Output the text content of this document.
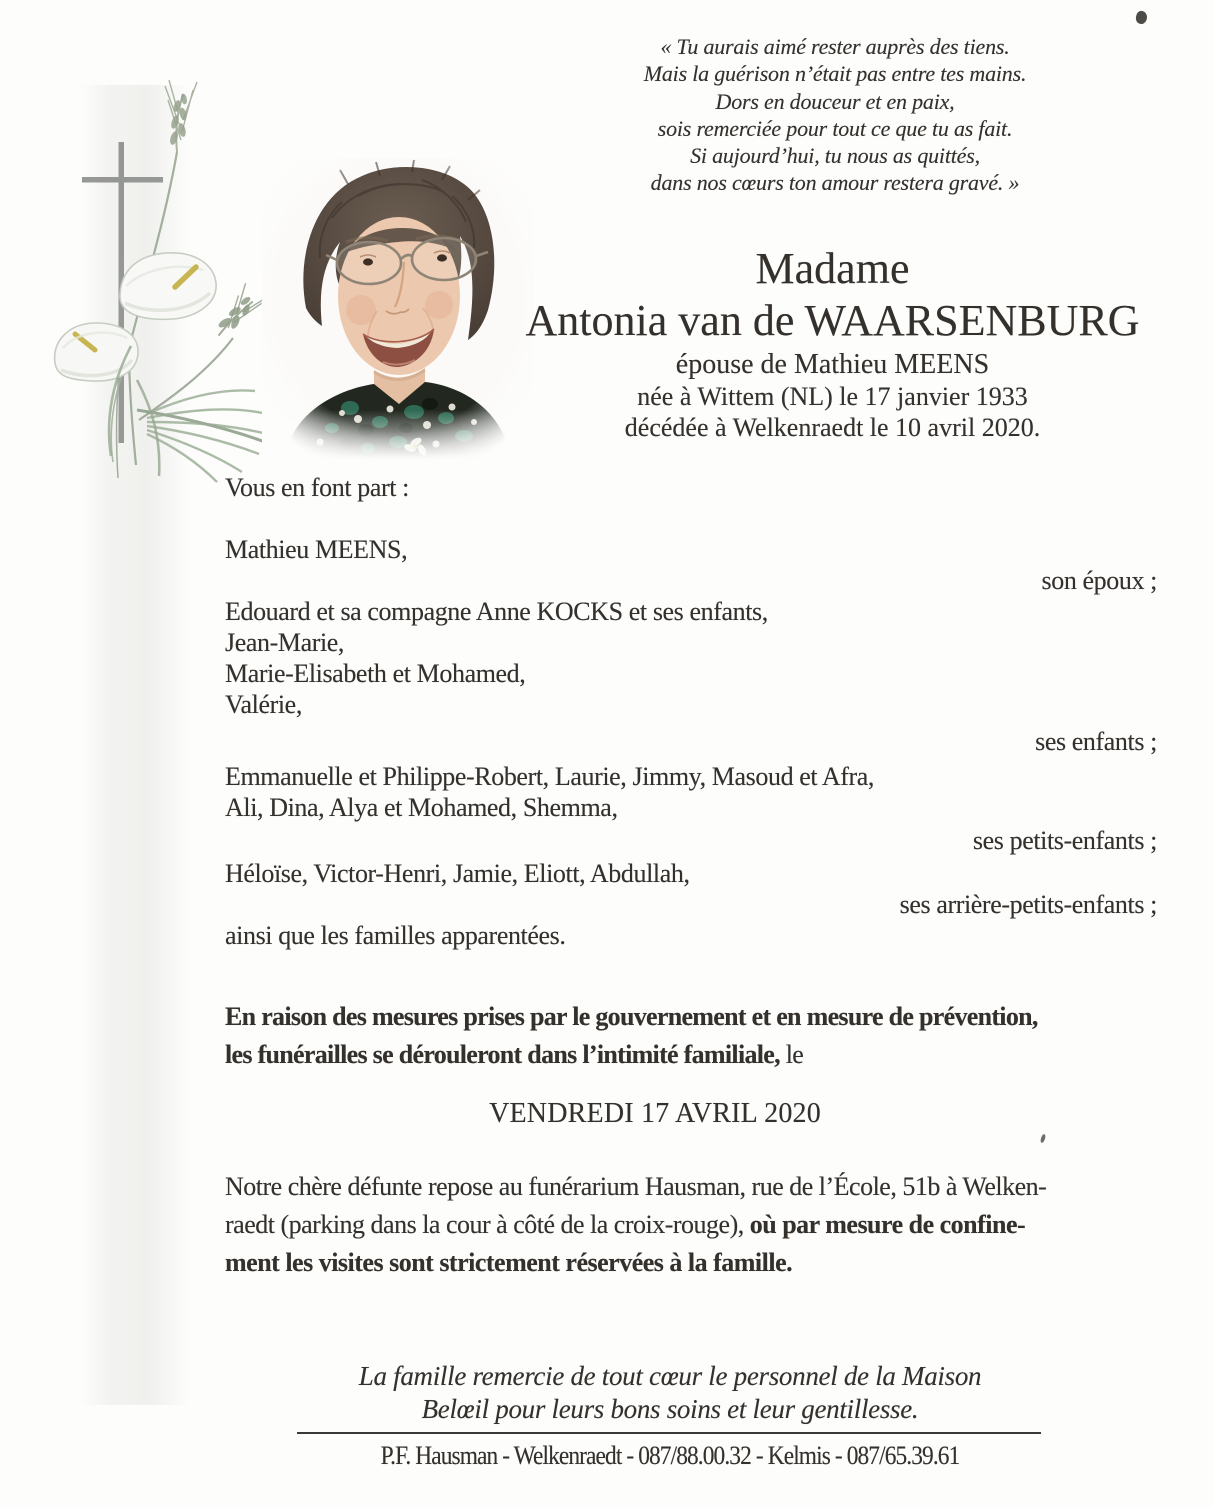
« Tu aurais aimé rester auprès des tiens.
Mais la guérison n’était pas entre tes mains.
Dors en douceur et en paix,
sois remerciée pour tout ce que tu as fait.
Si aujourd’hui, tu nous as quittés,
dans nos cœurs ton amour restera gravé. »
Madame
Antonia van de WAARSENBURG
épouse de Mathieu MEENS
née à Wittem (NL) le 17 janvier 1933
décédée à Welkenraedt le 10 avril 2020.
Vous en font part :
Mathieu MEENS,
son époux ;
Edouard et sa compagne Anne KOCKS et ses enfants,
Jean-Marie,
Marie-Elisabeth et Mohamed,
Valérie,
ses enfants ;
Emmanuelle et Philippe-Robert, Laurie, Jimmy, Masoud et Afra,
Ali, Dina, Alya et Mohamed, Shemma,
ses petits-enfants ;
Héloïse, Victor-Henri, Jamie, Eliott, Abdullah,
ses arrière-petits-enfants ;
ainsi que les familles apparentées.
En raison des mesures prises par le gouvernement et en mesure de prévention,
les funérailles se dérouleront dans l’intimité familiale, le
VENDREDI 17 AVRIL 2020
Notre chère défunte repose au funérarium Hausman, rue de l’École, 51b à Welken-
raedt (parking dans la cour à côté de la croix-rouge), où par mesure de confine-
ment les visites sont strictement réservées à la famille.
La famille remercie de tout cœur le personnel de la Maison
Belœil pour leurs bons soins et leur gentillesse.
P.F. Hausman - Welkenraedt - 087/88.00.32 - Kelmis - 087/65.39.61
